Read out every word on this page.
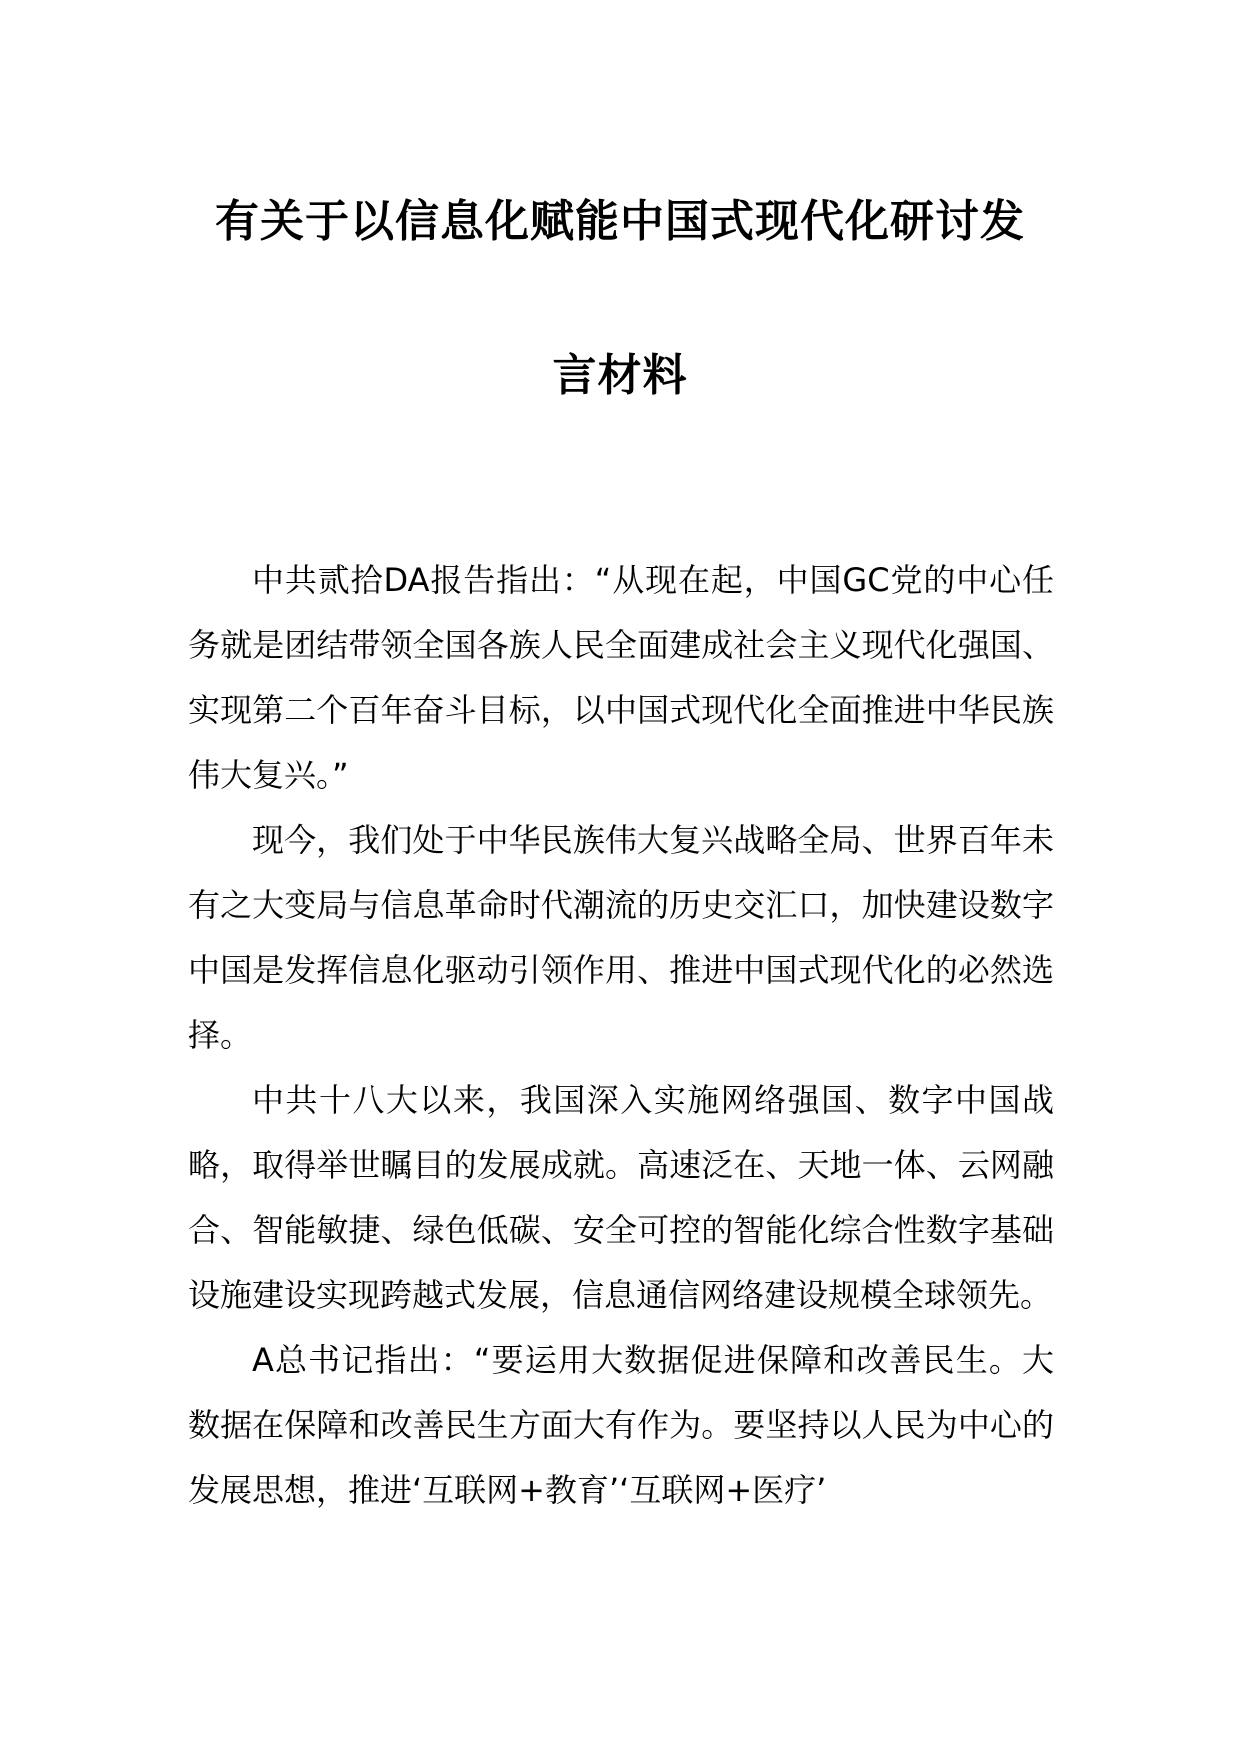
有关于以信息化赋能中国式现代化研讨发
言材料

中共贰拾DA报告指出：“从现在起，中国GC党的中心任务就是团结带领全国各族人民全面建成社会主义现代化强国、实现第二个百年奋斗目标，以中国式现代化全面推进中华民族伟大复兴。”

现今，我们处于中华民族伟大复兴战略全局、世界百年未有之大变局与信息革命时代潮流的历史交汇口，加快建设数字中国是发挥信息化驱动引领作用、推进中国式现代化的必然选择。

中共十八大以来，我国深入实施网络强国、数字中国战略，取得举世瞩目的发展成就。高速泛在、天地一体、云网融合、智能敏捷、绿色低碳、安全可控的智能化综合性数字基础设施建设实现跨越式发展，信息通信网络建设规模全球领先。

A总书记指出：“要运用大数据促进保障和改善民生。大数据在保障和改善民生方面大有作为。要坚持以人民为中心的发展思想，推进‘互联网+教育’‘互联网+医疗’
